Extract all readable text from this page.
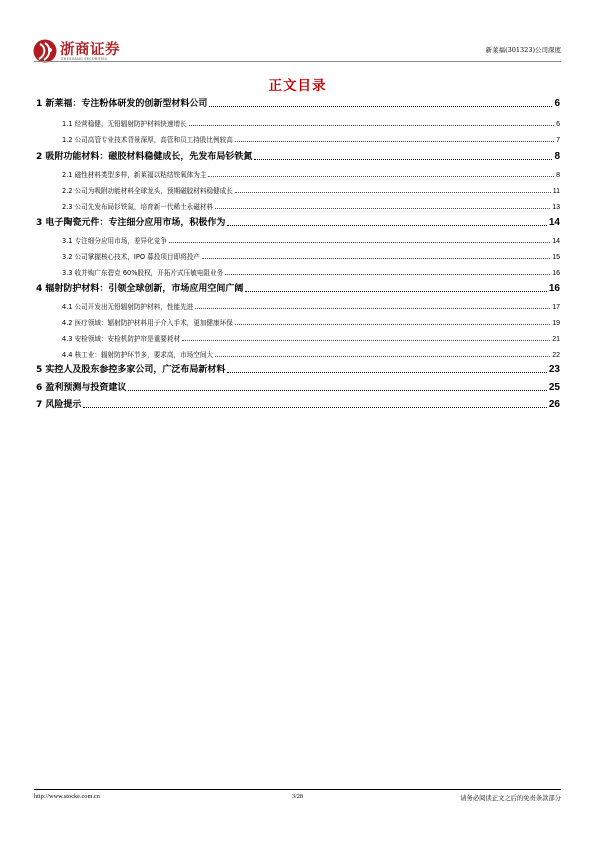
浙商证券
ZHESHANG SECURITIES
新莱福(301323)公司深度
正文目录
1 新莱福：专注粉体研发的创新型材料公司	6
1.1 经营稳健，无铅辐射防护材料快速增长	6
1.2 公司高管专业技术背景深厚，高管和员工持股比例较高	7
2 吸附功能材料：磁胶材料稳健成长，先发布局钐铁氮	8
2.1 磁性材料类型多样，新莱福以粘结铁氧体为主	8
2.2 公司为吸附功能材料全球龙头，预期磁胶材料稳健成长	11
2.3 公司先发布局钐铁氮，培育新一代稀土永磁材料	13
3 电子陶瓷元件：专注细分应用市场，积极作为	14
3.1 专注细分应用市场，差异化竞争	14
3.2 公司掌握核心技术，IPO 募投项目即将投产	15
3.3 收并购广东碧克 60%股权，开拓片式压敏电阻业务	16
4 辐射防护材料：引领全球创新，市场应用空间广阔	16
4.1 公司开发出无铅辐射防护材料，性能先进	17
4.2 医疗领域：辐射防护材料用于介入手术，更加健康环保	19
4.3 安检领域：安检机防护帘是重要耗材	21
4.4 核工业：辐射防护环节多，要求高，市场空间大	22
5 实控人及股东参控多家公司，广泛布局新材料	23
6 盈利预测与投资建议	25
7 风险提示	26
http://www.stocke.com.cn	3/28	请务必阅读正文之后的免责条款部分
